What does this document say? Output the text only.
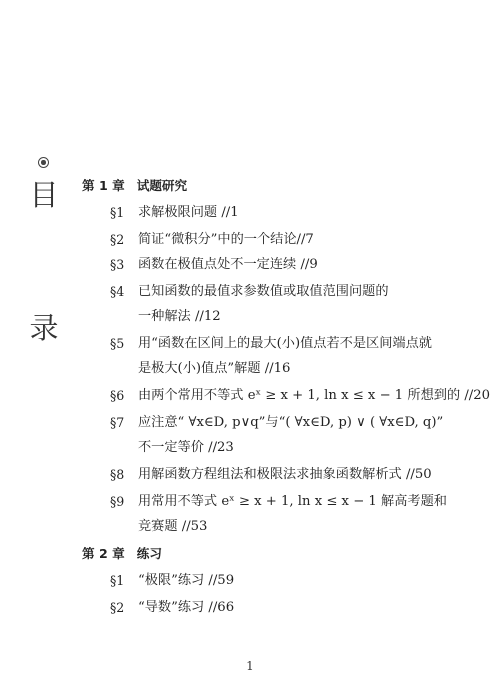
目
录
第 1 章 试题研究
§1 求解极限问题 //1
§2 简证“微积分”中的一个结论//7
§3 函数在极值点处不一定连续 //9
§4 已知函数的最值求参数值或取值范围问题的
一种解法 //12
§5 用“函数在区间上的最大(小)值点若不是区间端点就
是极大(小)值点”解题 //16
§6 由两个常用不等式 eˣ ≥ x + 1, ln x ≤ x − 1 所想到的 //20
§7 应注意“ ∀x∈D, p∨q”与“( ∀x∈D, p) ∨ ( ∀x∈D, q)”
不一定等价 //23
§8 用解函数方程组法和极限法求抽象函数解析式 //50
§9 用常用不等式 eˣ ≥ x + 1, ln x ≤ x − 1 解高考题和
竞赛题 //53
第 2 章 练习
§1 “极限”练习 //59
§2 “导数”练习 //66
1
